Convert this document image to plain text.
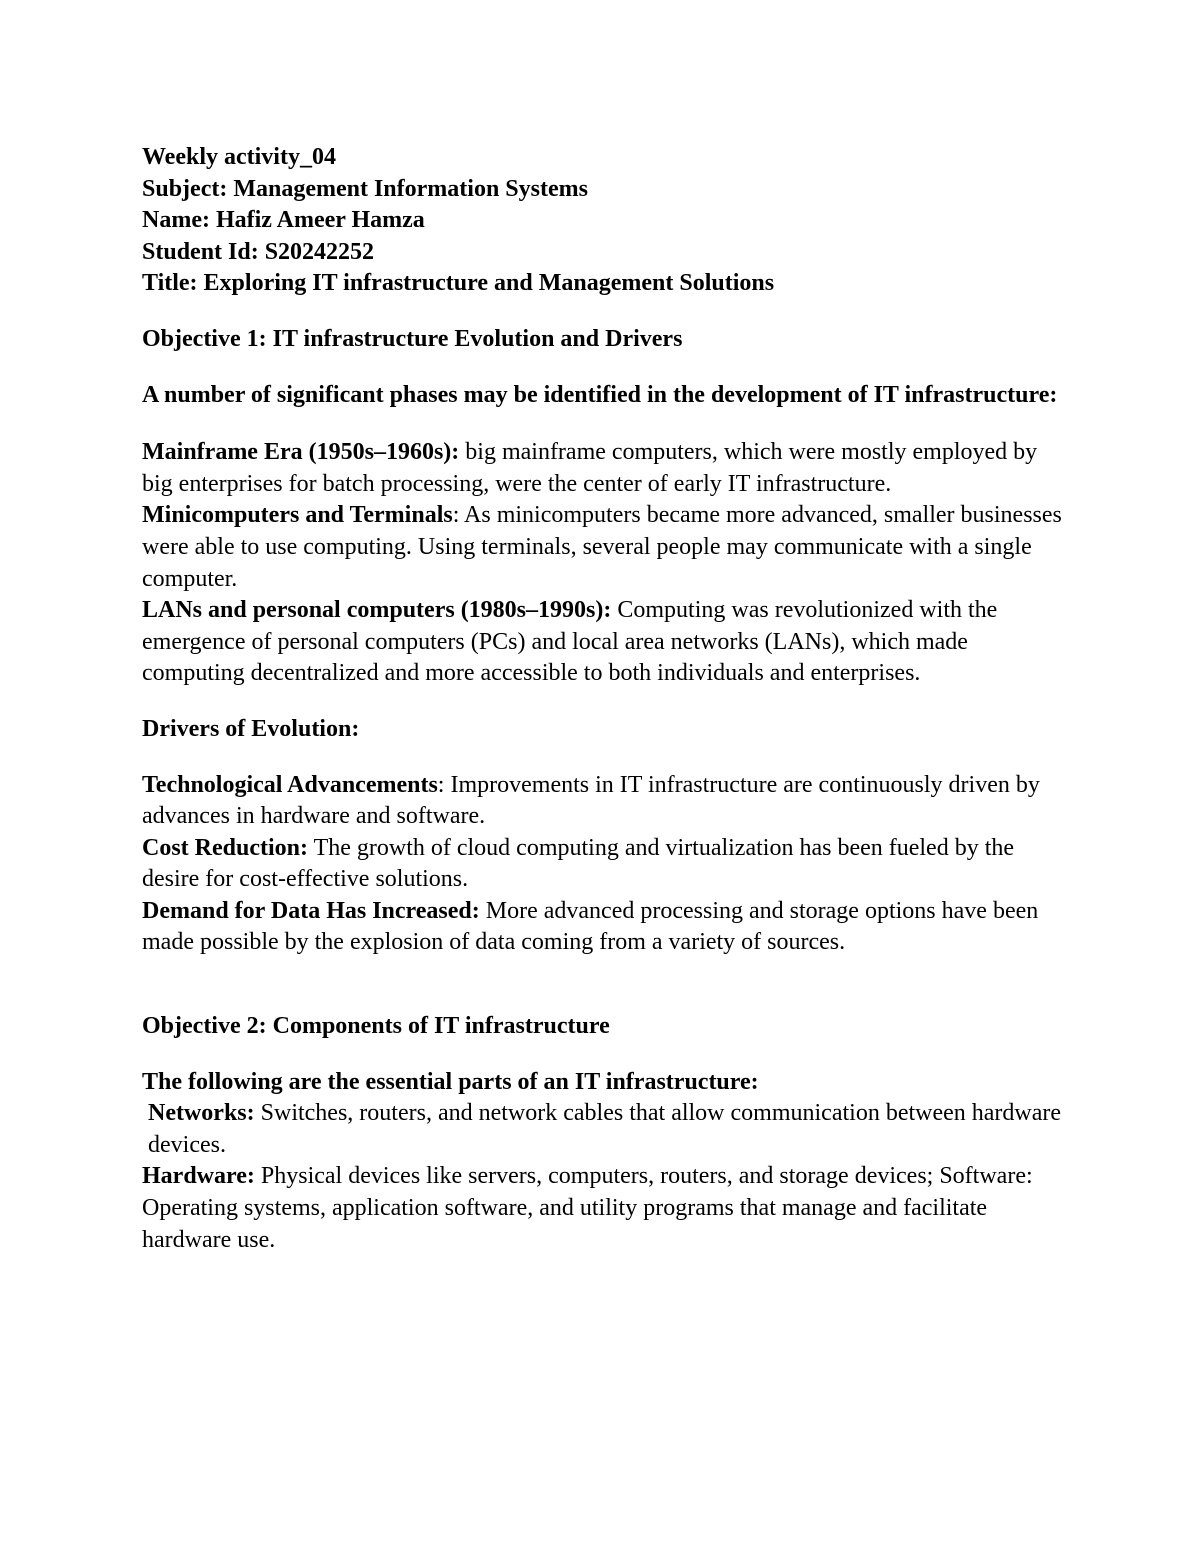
Weekly activity_04

Subject: Management Information Systems

Name: Hafiz Ameer Hamza

Student Id: S20242252

Title: Exploring IT infrastructure and Management Solutions

Objective 1: IT infrastructure Evolution and Drivers

A number of significant phases may be identified in the development of IT infrastructure:

Mainframe Era (1950s–1960s): big mainframe computers, which were mostly employed by big enterprises for batch processing, were the center of early IT infrastructure.

Minicomputers and Terminals: As minicomputers became more advanced, smaller businesses were able to use computing. Using terminals, several people may communicate with a single computer.

LANs and personal computers (1980s–1990s): Computing was revolutionized with the emergence of personal computers (PCs) and local area networks (LANs), which made computing decentralized and more accessible to both individuals and enterprises.

Drivers of Evolution:

Technological Advancements: Improvements in IT infrastructure are continuously driven by advances in hardware and software.

Cost Reduction: The growth of cloud computing and virtualization has been fueled by the desire for cost-effective solutions.

Demand for Data Has Increased: More advanced processing and storage options have been made possible by the explosion of data coming from a variety of sources.

Objective 2: Components of IT infrastructure

The following are the essential parts of an IT infrastructure:

Networks: Switches, routers, and network cables that allow communication between hardware devices.

Hardware: Physical devices like servers, computers, routers, and storage devices; Software: Operating systems, application software, and utility programs that manage and facilitate hardware use.
